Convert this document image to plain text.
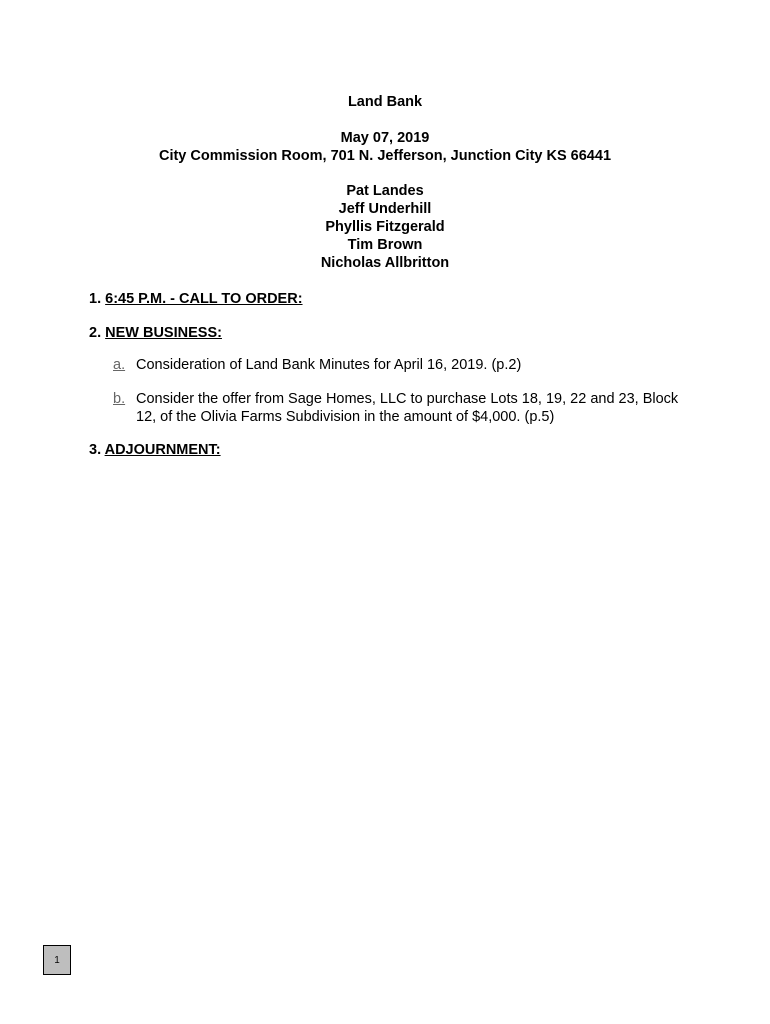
Land Bank
May 07, 2019
City Commission Room, 701 N. Jefferson, Junction City KS 66441
Pat Landes
Jeff Underhill
Phyllis Fitzgerald
Tim Brown
Nicholas Allbritton
1. 6:45 P.M. - CALL TO ORDER:
2. NEW BUSINESS:
a. Consideration of Land Bank Minutes for April 16, 2019. (p.2)
b. Consider the offer from Sage Homes, LLC to purchase Lots 18, 19, 22 and 23, Block 12, of the Olivia Farms Subdivision in the amount of $4,000. (p.5)
3. ADJOURNMENT:
1
